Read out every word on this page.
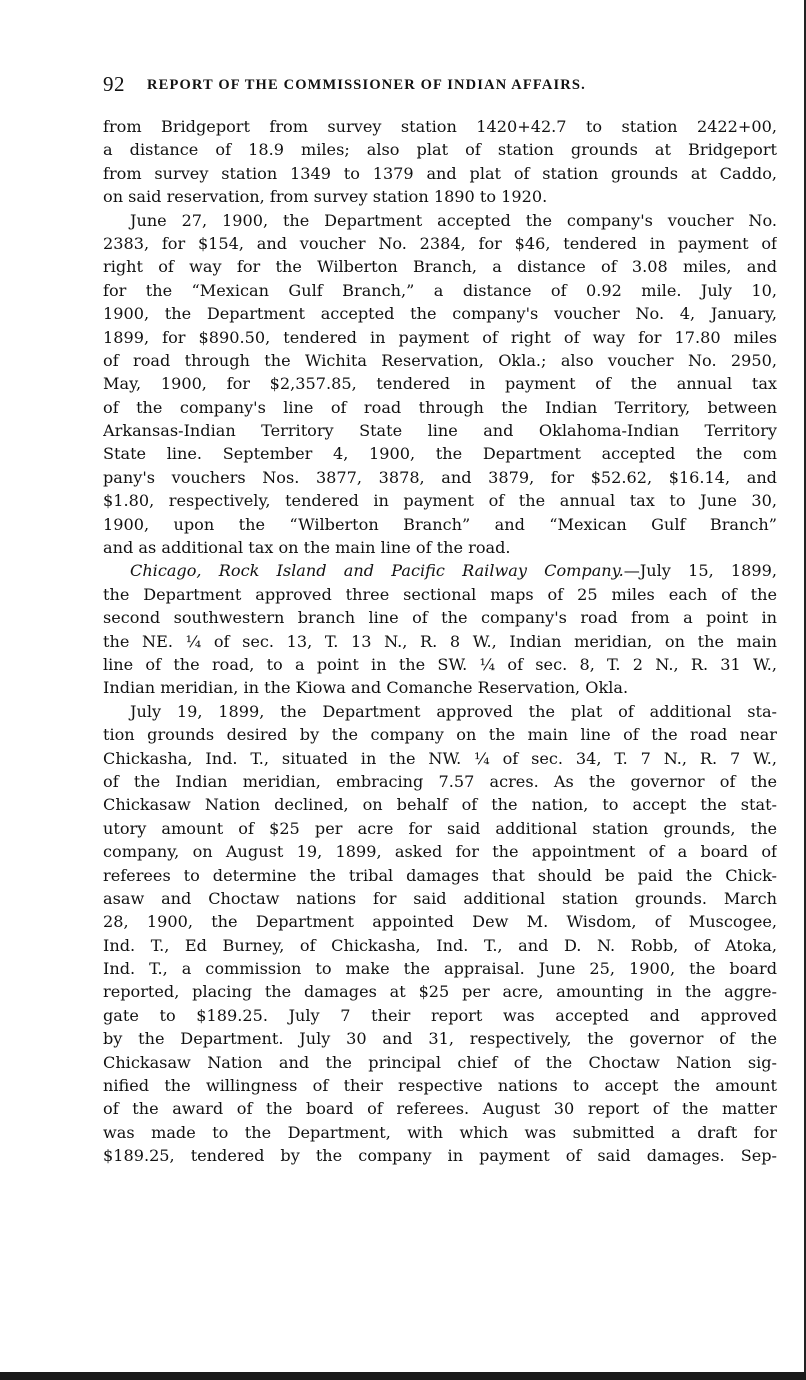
92 REPORT OF THE COMMISSIONER OF INDIAN AFFAIRS.
from Bridgeport from survey station 1420+42.7 to station 2422+00,
a distance of 18.9 miles; also plat of station grounds at Bridgeport
from survey station 1349 to 1379 and plat of station grounds at Caddo,
on said reservation, from survey station 1890 to 1920.
June 27, 1900, the Department accepted the company's voucher No.
2383, for $154, and voucher No. 2384, for $46, tendered in payment of
right of way for the Wilberton Branch, a distance of 3.08 miles, and
for the “Mexican Gulf Branch,” a distance of 0.92 mile. July 10,
1900, the Department accepted the company's voucher No. 4, January,
1899, for $890.50, tendered in payment of right of way for 17.80 miles
of road through the Wichita Reservation, Okla.; also voucher No. 2950,
May, 1900, for $2,357.85, tendered in payment of the annual tax
of the company's line of road through the Indian Territory, between
Arkansas-Indian Territory State line and Oklahoma-Indian Territory
State line. September 4, 1900, the Department accepted the com
pany's vouchers Nos. 3877, 3878, and 3879, for $52.62, $16.14, and
$1.80, respectively, tendered in payment of the annual tax to June 30,
1900, upon the “Wilberton Branch” and “Mexican Gulf Branch”
and as additional tax on the main line of the road.
Chicago, Rock Island and Pacific Railway Company.—July 15, 1899,
the Department approved three sectional maps of 25 miles each of the
second southwestern branch line of the company's road from a point in
the NE. ¼ of sec. 13, T. 13 N., R. 8 W., Indian meridian, on the main
line of the road, to a point in the SW. ¼ of sec. 8, T. 2 N., R. 31 W.,
Indian meridian, in the Kiowa and Comanche Reservation, Okla.
July 19, 1899, the Department approved the plat of additional sta-
tion grounds desired by the company on the main line of the road near
Chickasha, Ind. T., situated in the NW. ¼ of sec. 34, T. 7 N., R. 7 W.,
of the Indian meridian, embracing 7.57 acres. As the governor of the
Chickasaw Nation declined, on behalf of the nation, to accept the stat-
utory amount of $25 per acre for said additional station grounds, the
company, on August 19, 1899, asked for the appointment of a board of
referees to determine the tribal damages that should be paid the Chick-
asaw and Choctaw nations for said additional station grounds. March
28, 1900, the Department appointed Dew M. Wisdom, of Muscogee,
Ind. T., Ed Burney, of Chickasha, Ind. T., and D. N. Robb, of Atoka,
Ind. T., a commission to make the appraisal. June 25, 1900, the board
reported, placing the damages at $25 per acre, amounting in the aggre-
gate to $189.25. July 7 their report was accepted and approved
by the Department. July 30 and 31, respectively, the governor of the
Chickasaw Nation and the principal chief of the Choctaw Nation sig-
nified the willingness of their respective nations to accept the amount
of the award of the board of referees. August 30 report of the matter
was made to the Department, with which was submitted a draft for
$189.25, tendered by the company in payment of said damages. Sep-
